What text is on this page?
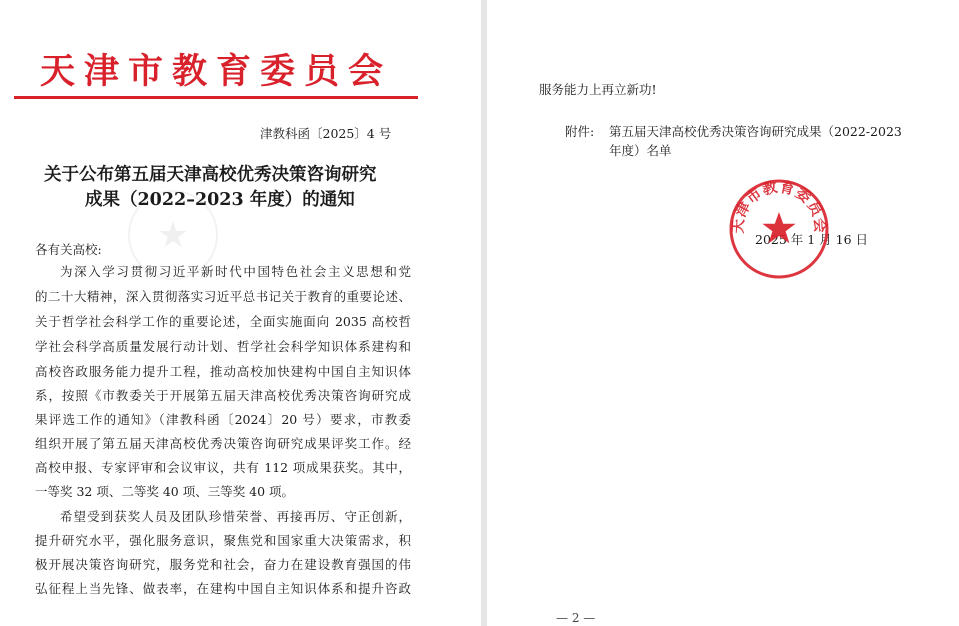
★
天津市教育委员会
津教科函〔2025〕4 号
关于公布第五届天津高校优秀决策咨询研究
成果（2022–2023 年度）的通知
各有关高校:
为深入学习贯彻习近平新时代中国特色社会主义思想和党
的二十大精神，深入贯彻落实习近平总书记关于教育的重要论述、
关于哲学社会科学工作的重要论述，全面实施面向 2035 高校哲
学社会科学高质量发展行动计划、哲学社会科学知识体系建构和
高校咨政服务能力提升工程，推动高校加快建构中国自主知识体
系，按照《市教委关于开展第五届天津高校优秀决策咨询研究成
果评选工作的通知》（津教科函〔2024〕20 号）要求，市教委
组织开展了第五届天津高校优秀决策咨询研究成果评奖工作。经
高校申报、专家评审和会议审议，共有 112 项成果获奖。其中，
一等奖 32 项、二等奖 40 项、三等奖 40 项。
希望受到获奖人员及团队珍惜荣誉、再接再厉、守正创新，
提升研究水平，强化服务意识，聚焦党和国家重大决策需求，积
极开展决策咨询研究，服务党和社会，奋力在建设教育强国的伟
弘征程上当先锋、做表率，在建构中国自主知识体系和提升咨政
服务能力上再立新功!
附件: 第五届天津高校优秀决策咨询研究成果（2022-2023
年度）名单
2025 年 1 月 16 日
天津市教育委员会
— 2 —
